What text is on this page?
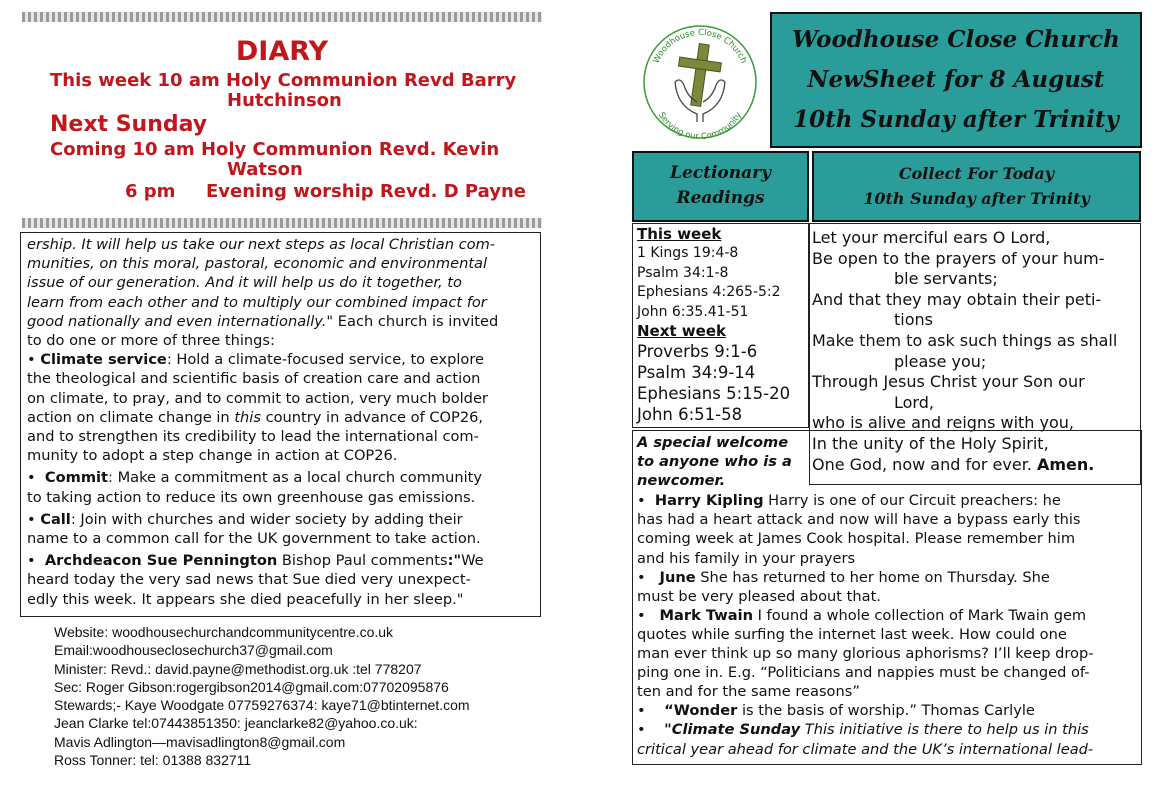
DIARY
This week 10 am Holy Communion Revd Barry
Hutchinson
Next Sunday
Coming 10 am Holy Communion Revd. Kevin
Watson
6 pm Evening worship Revd. D Payne

ership. It will help us take our next steps as local Christian com-

munities, on this moral, pastoral, economic and environmental

issue of our generation. And it will help us do it together, to

learn from each other and to multiply our combined impact for

good nationally and even internationally." Each church is invited

to do one or more of three things:

• Climate service: Hold a climate-focused service, to explore

the theological and scientific basis of creation care and action

on climate, to pray, and to commit to action, very much bolder

action on climate change in this country in advance of COP26,

and to strengthen its credibility to lead the international com-

munity to adopt a step change in action at COP26.

•  Commit: Make a commitment as a local church community

to taking action to reduce its own greenhouse gas emissions.

• Call: Join with churches and wider society by adding their

name to a common call for the UK government to take action.

•  Archdeacon Sue Pennington Bishop Paul comments:"We

heard today the very sad news that Sue died very unexpect-

edly this week. It appears she died peacefully in her sleep."

Website: woodhousechurchandcommunitycentre.co.uk
Email:woodhouseclosechurch37@gmail.com
Minister: Revd.: david.payne@methodist.org.uk :tel 778207
Sec: Roger Gibson:rogergibson2014@gmail.com:07702095876
Stewards;- Kaye Woodgate 07759276374: kaye71@btinternet.com
Jean Clarke tel:07443851350: jeanclarke82@yahoo.co.uk:
Mavis Adlington—mavisadlington8@gmail.com
Ross Tonner: tel: 01388 832711
Woodhouse Close Church
Serving our Community
Woodhouse Close Church
NewSheet for 8 August
10th Sunday after Trinity
Lectionary
Readings
Collect For Today
10th Sunday after Trinity
This week
1 Kings 19:4-8
Psalm 34:1-8
Ephesians 4:265-5:2
John 6:35.41-51
Next week
Proverbs 9:1-6
Psalm 34:9-14
Ephesians 5:15-20
John 6:51-58
Let your merciful ears O Lord,
Be open to the prayers of your hum-
ble servants;
And that they may obtain their peti-
tions
Make them to ask such things as shall
please you;
Through Jesus Christ your Son our
Lord,
who is alive and reigns with you,
In the unity of the Holy Spirit,
One God, now and for ever. Amen.
A special welcome
to anyone who is a
newcomer.

•  Harry Kipling Harry is one of our Circuit preachers: he

has had a heart attack and now will have a bypass early this

coming week at James Cook hospital. Please remember him

and his family in your prayers

•   June She has returned to her home on Thursday. She

must be very pleased about that.

•   Mark Twain I found a whole collection of Mark Twain gem

quotes while surfing the internet last week. How could one

man ever think up so many glorious aphorisms? I’ll keep drop-

ping one in. E.g. “Politicians and nappies must be changed of-

ten and for the same reasons”

•    “Wonder is the basis of worship.” Thomas Carlyle

•    "Climate Sunday This initiative is there to help us in this

critical year ahead for climate and the UK’s international lead-
